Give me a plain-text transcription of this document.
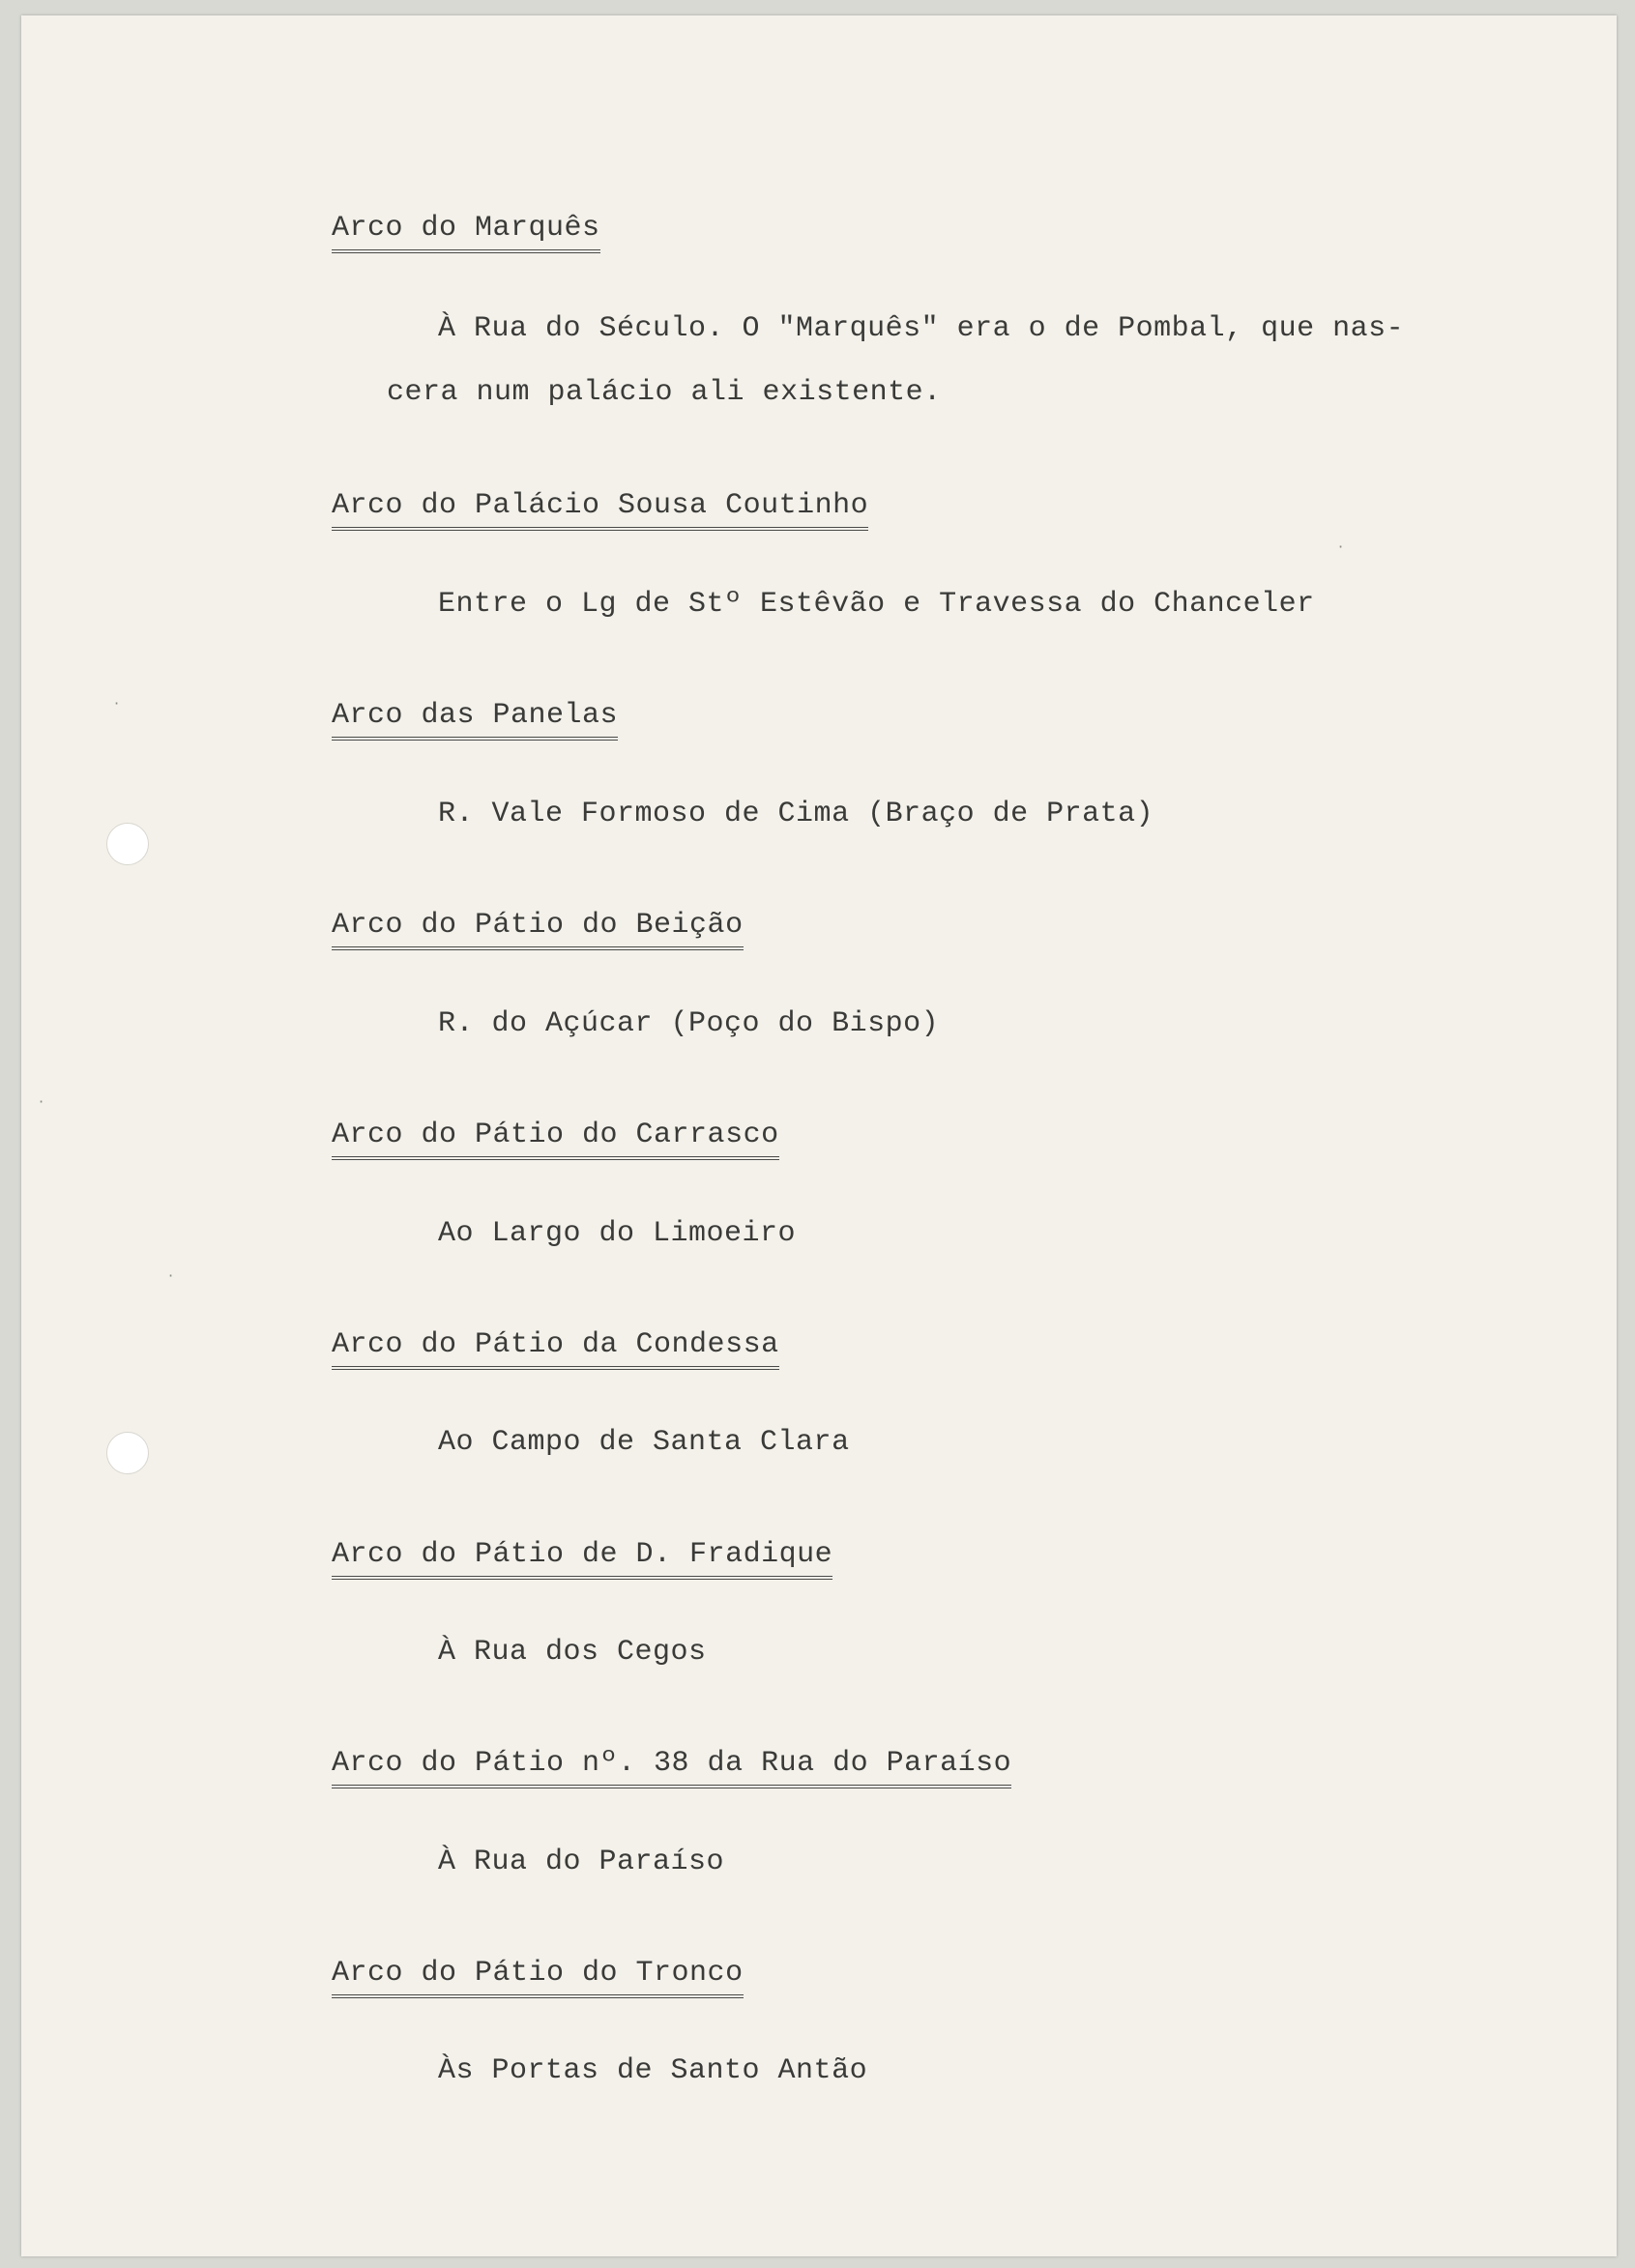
Arco do Marquês
À Rua do Século. O "Marquês" era o de Pombal, que nas-
cera num palácio ali existente.
Arco do Palácio Sousa Coutinho
Entre o Lg de Stº Estêvão e Travessa do Chanceler
Arco das Panelas
R. Vale Formoso de Cima (Braço de Prata)
Arco do Pátio do Beição
R. do Açúcar (Poço do Bispo)
Arco do Pátio do Carrasco
Ao Largo do Limoeiro
Arco do Pátio da Condessa
Ao Campo de Santa Clara
Arco do Pátio de D. Fradique
À Rua dos Cegos
Arco do Pátio nº. 38 da Rua do Paraíso
À Rua do Paraíso
Arco do Pátio do Tronco
Às Portas de Santo Antão
·
·
·
·
